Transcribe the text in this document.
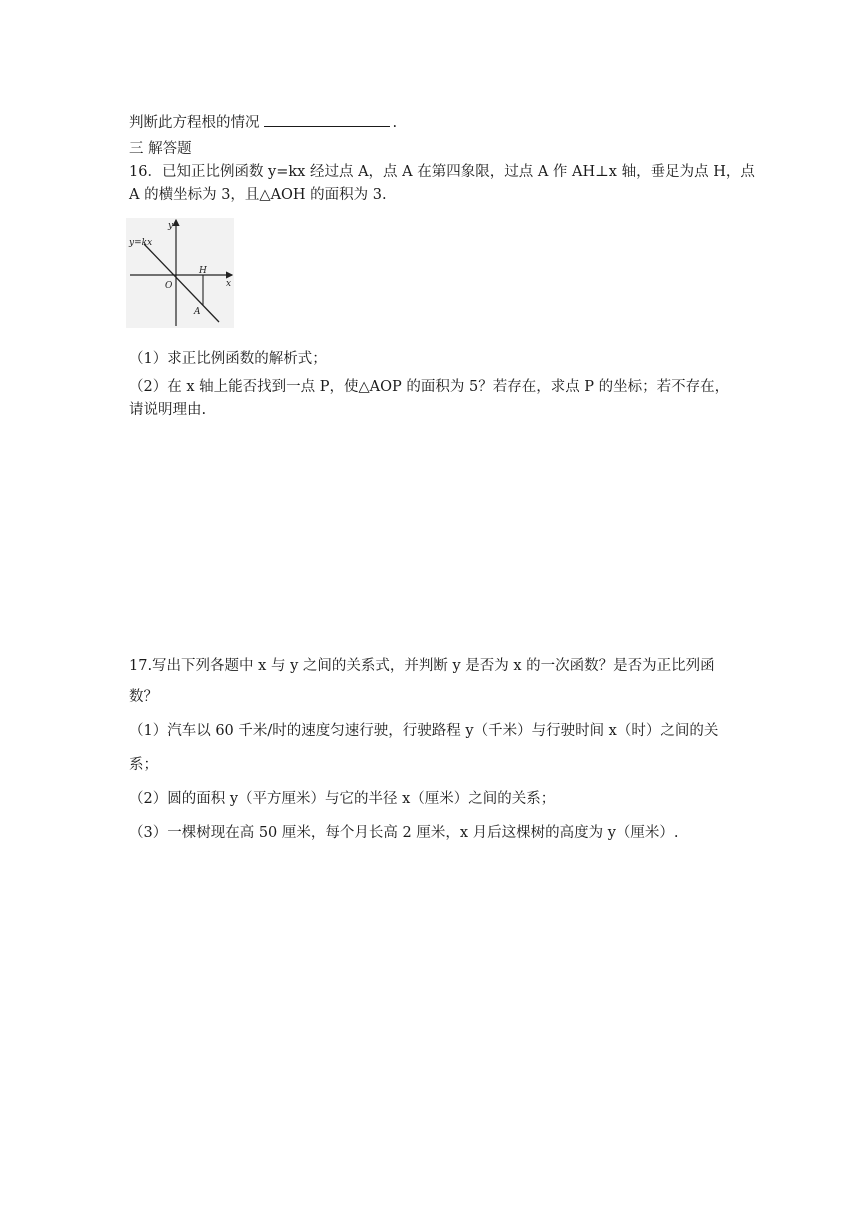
判断此方程根的情况	.
三 解答题
16．已知正比例函数 y=kx 经过点 A，点 A 在第四象限，过点 A 作 AH⊥x 轴，垂足为点 H，点
A 的横坐标为 3，且△AOH 的面积为 3.
y=kx
y
x
O
H
A
（1）求正比例函数的解析式；
（2）在 x 轴上能否找到一点 P，使△AOP 的面积为 5？若存在，求点 P 的坐标；若不存在，
请说明理由.
17.写出下列各题中 x 与 y 之间的关系式，并判断 y 是否为 x 的一次函数？是否为正比列函
数？
（1）汽车以 60 千米/时的速度匀速行驶，行驶路程 y（千米）与行驶时间 x（时）之间的关
系；
（2）圆的面积 y（平方厘米）与它的半径 x（厘米）之间的关系；
（3）一棵树现在高 50 厘米，每个月长高 2 厘米，x 月后这棵树的高度为 y（厘米）.
